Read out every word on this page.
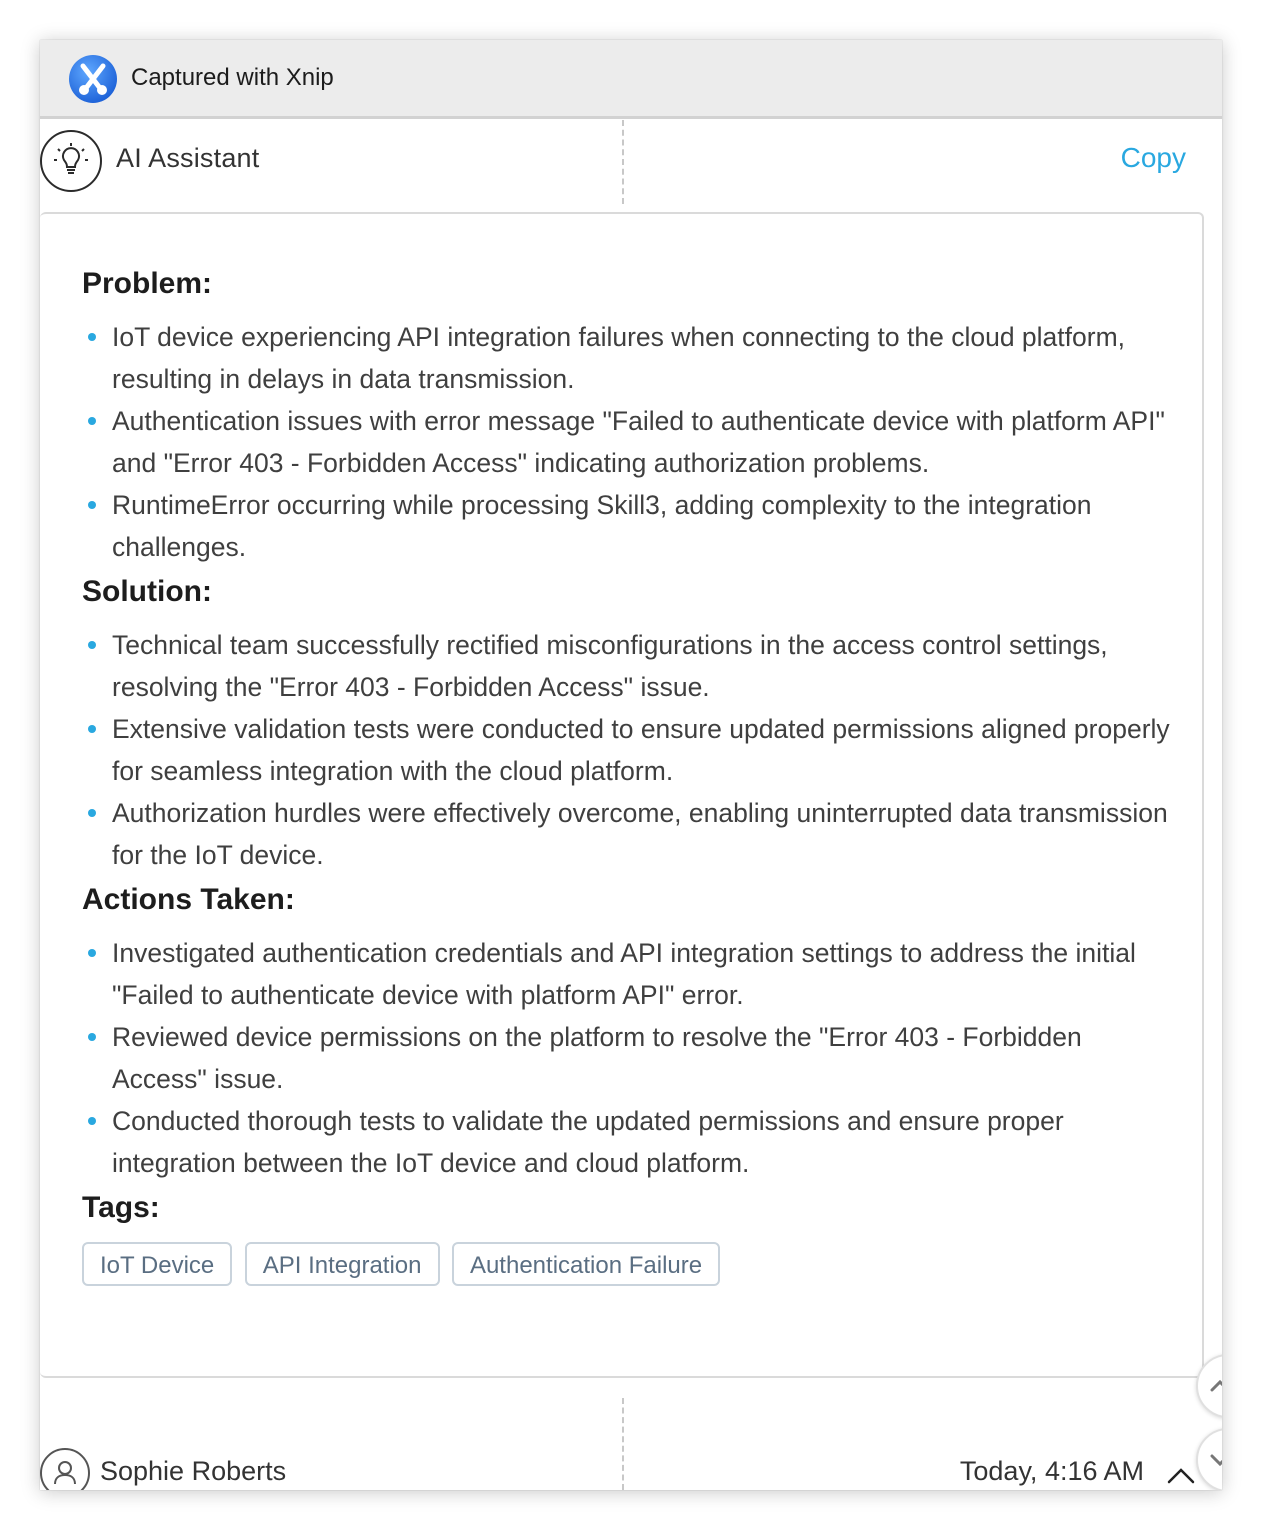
Captured with Xnip
AI Assistant	Copy
Problem:
IoT device experiencing API integration failures when connecting to the cloud platform, resulting in delays in data transmission.
Authentication issues with error message "Failed to authenticate device with platform API" and "Error 403 - Forbidden Access" indicating authorization problems.
RuntimeError occurring while processing Skill3, adding complexity to the integration challenges.
Solution:
Technical team successfully rectified misconfigurations in the access control settings, resolving the "Error 403 - Forbidden Access" issue.
Extensive validation tests were conducted to ensure updated permissions aligned properly for seamless integration with the cloud platform.
Authorization hurdles were effectively overcome, enabling uninterrupted data transmission for the IoT device.
Actions Taken:
Investigated authentication credentials and API integration settings to address the initial "Failed to authenticate device with platform API" error.
Reviewed device permissions on the platform to resolve the "Error 403 - Forbidden Access" issue.
Conducted thorough tests to validate the updated permissions and ensure proper integration between the IoT device and cloud platform.
Tags:
IoT Device API Integration Authentication Failure
Sophie Roberts	Today, 4:16 AM
